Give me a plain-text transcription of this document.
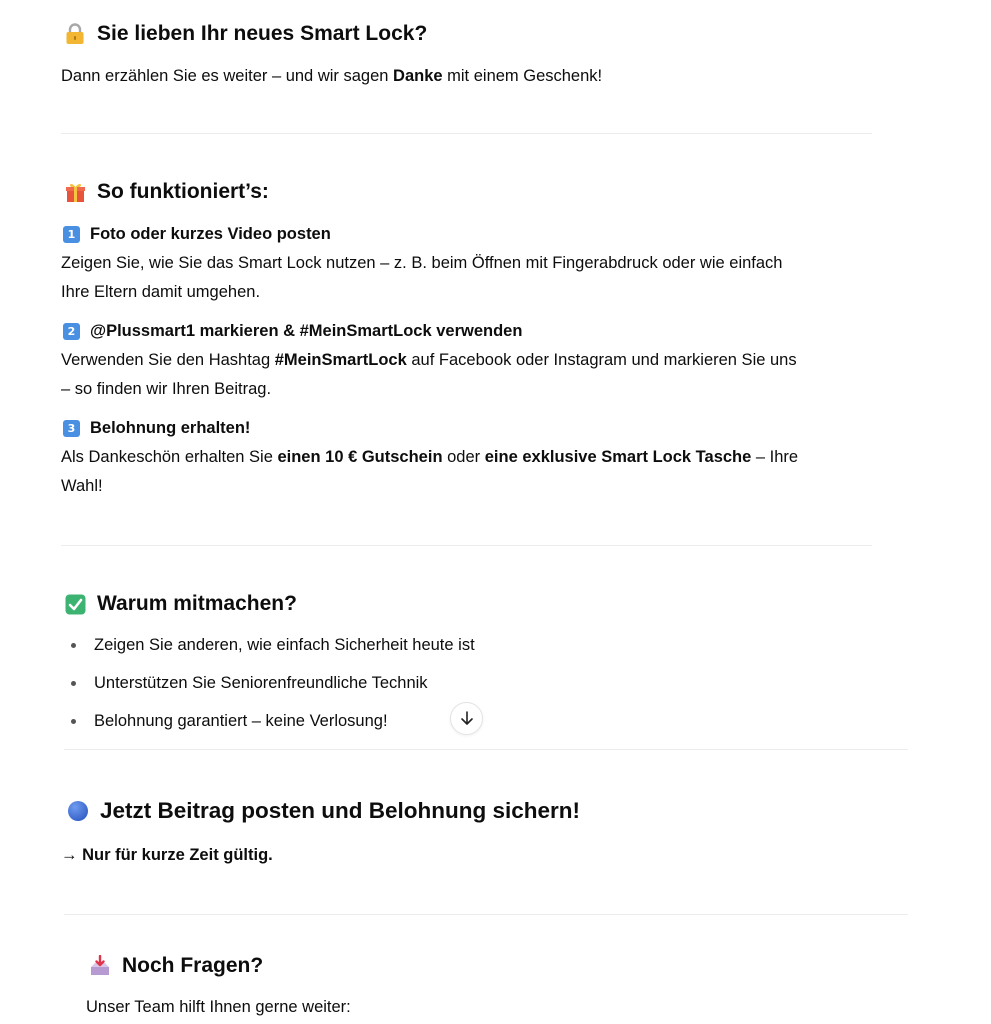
Sie lieben Ihr neues Smart Lock?
Dann erzählen Sie es weiter – und wir sagen Danke mit einem Geschenk!
So funktioniert’s:
1 Foto oder kurzes Video posten
Zeigen Sie, wie Sie das Smart Lock nutzen – z. B. beim Öffnen mit Fingerabdruck oder wie einfach
Ihre Eltern damit umgehen.
2 @Plussmart1 markieren & #MeinSmartLock verwenden
Verwenden Sie den Hashtag #MeinSmartLock auf Facebook oder Instagram und markieren Sie uns
– so finden wir Ihren Beitrag.
3 Belohnung erhalten!
Als Dankeschön erhalten Sie einen 10 € Gutschein oder eine exklusive Smart Lock Tasche – Ihre
Wahl!
Warum mitmachen?
Zeigen Sie anderen, wie einfach Sicherheit heute ist
Unterstützen Sie Seniorenfreundliche Technik
Belohnung garantiert – keine Verlosung!
Jetzt Beitrag posten und Belohnung sichern!
→ Nur für kurze Zeit gültig.
Noch Fragen?
Unser Team hilft Ihnen gerne weiter:
